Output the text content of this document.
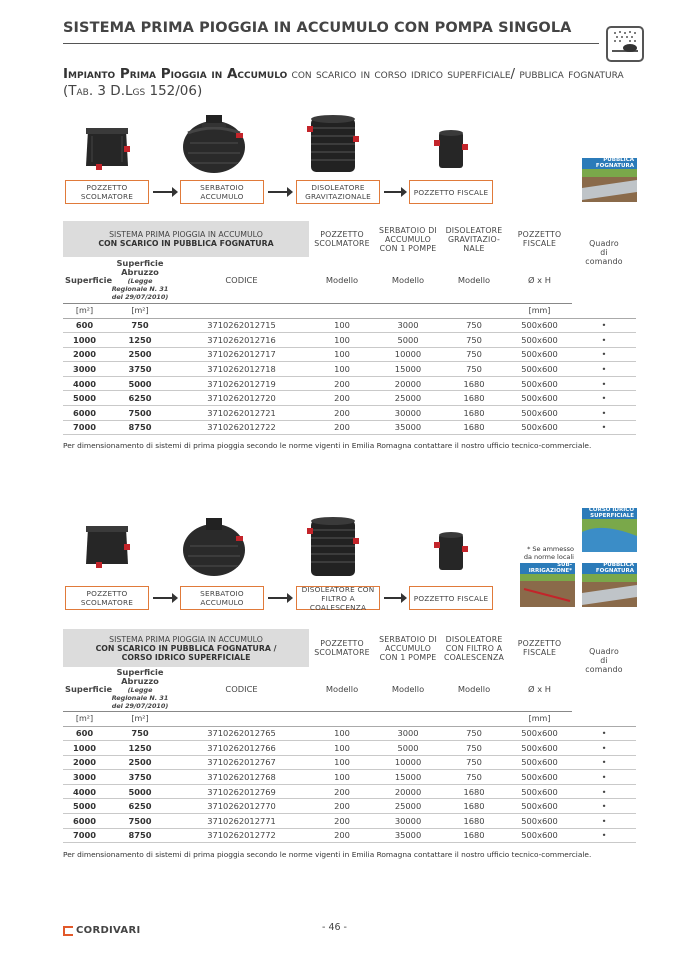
SISTEMA PRIMA PIOGGIA IN ACCUMULO CON POMPA SINGOLA
Impianto Prima Pioggia in Accumulo con scarico in corso idrico superficiale/ pubblica fognatura (Tab. 3 D.Lgs 152/06)
POZZETTO
SCOLMATORE
SERBATOIO
ACCUMULO
DISOLEATORE
GRAVITAZIONALE	POZZETTO FISCALE
PUBBLICA
FOGNATURA
SISTEMA PRIMA PIOGGIA IN ACCUMULO
CON SCARICO IN PUBBLICA FOGNATURA			POZZETTO
SCOLMATORE	SERBATOIO DI
ACCUMULO
CON 1 POMPE	DISOLEATORE
GRAVITAZIO-
NALE	POZZETTO
FISCALE	Quadro
di
comando
Superficie	Superficie
Abruzzo (Legge
Regionale N. 31
del 29/07/2010)	CODICE	Modello	Modello	Modello	Ø x H	
[m²]	[m²]					[mm]	
600	750	3710262012715	100	3000	750	500x600	•
1000	1250	3710262012716	100	5000	750	500x600	•
2000	2500	3710262012717	100	10000	750	500x600	•
3000	3750	3710262012718	100	15000	750	500x600	•
4000	5000	3710262012719	200	20000	1680	500x600	•
5000	6250	3710262012720	200	25000	1680	500x600	•
6000	7500	3710262012721	200	30000	1680	500x600	•
7000	8750	3710262012722	200	35000	1680	500x600	•
Per dimensionamento di sistemi di prima pioggia secondo le norme vigenti in Emilia Romagna contattare il nostro ufficio tecnico-commerciale.
POZZETTO
SCOLMATORE
SERBATOIO
ACCUMULO
DISOLEATORE CON
FILTRO A COALESCENZA
POZZETTO FISCALE
* Se ammesso
da norme locali
CORSO IDRICO
SUPERFICIALE
SUB-
IRRIGAZIONE*
PUBBLICA
FOGNATURA
SISTEMA PRIMA PIOGGIA IN ACCUMULO
CON SCARICO IN PUBBLICA FOGNATURA /
CORSO IDRICO SUPERFICIALE			POZZETTO
SCOLMATORE	SERBATOIO DI
ACCUMULO
CON 1 POMPE	DISOLEATORE
CON FILTRO A
COALESCENZA	POZZETTO
FISCALE	Quadro
di
comando
Superficie	Superficie
Abruzzo (Legge
Regionale N. 31
del 29/07/2010)	CODICE	Modello	Modello	Modello	Ø x H	
[m²]	[m²]					[mm]	
600	750	3710262012765	100	3000	750	500x600	•
1000	1250	3710262012766	100	5000	750	500x600	•
2000	2500	3710262012767	100	10000	750	500x600	•
3000	3750	3710262012768	100	15000	750	500x600	•
4000	5000	3710262012769	200	20000	1680	500x600	•
5000	6250	3710262012770	200	25000	1680	500x600	•
6000	7500	3710262012771	200	30000	1680	500x600	•
7000	8750	3710262012772	200	35000	1680	500x600	•
Per dimensionamento di sistemi di prima pioggia secondo le norme vigenti in Emilia Romagna contattare il nostro ufficio tecnico-commerciale.
CORDIVARI	- 46 -
